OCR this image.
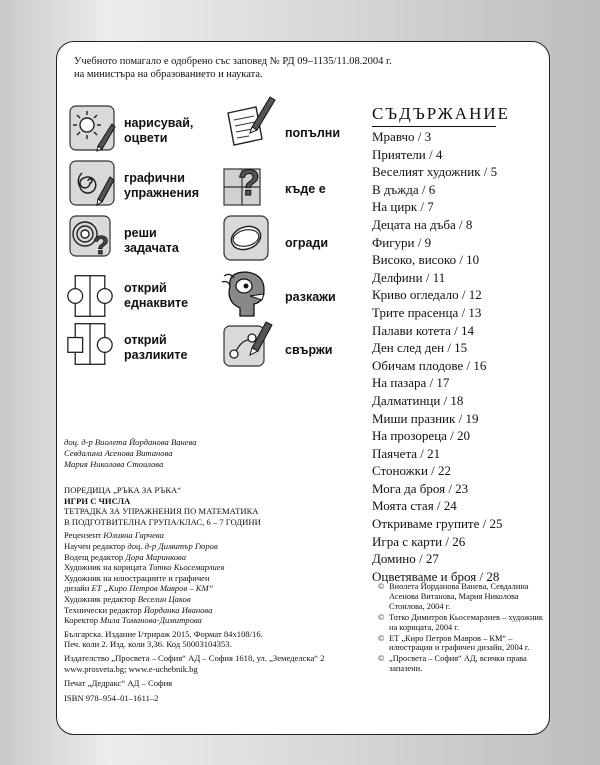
Учебното помагало е одобрено със заповед № РД 09–1135/11.08.2004 г.
на министъра на образованието и науката.
нарисувай,
оцвети
графични
упражнения
? реши
задачата
открий
еднаквите
открий
разликите
попълни
? къде е
огради
разкажи
свържи
СЪДЪРЖАНИЕ
Мравчо / 3
Приятели / 4
Веселият художник / 5
В дъжда / 6
На цирк / 7
Децата на дъба / 8
Фигури / 9
Високо, високо / 10
Делфини / 11
Криво огледало / 12
Трите прасенца / 13
Палави котета / 14
Ден след ден / 15
Обичам плодове / 16
На пазара / 17
Далматинци / 18
Миши празник / 19
На прозореца / 20
Паячета / 21
Стоножки / 22
Мога да броя / 23
Моята стая / 24
Откриваме групите / 25
Игра с карти / 26
Домино / 27
Оцветяваме и броя / 28
доц. д-р Виолета Йорданова Ванева
Севдалина Асенова Витанова
Мария Николова Стоилова
ПОРЕДИЦА „РЪКА ЗА РЪКА“
ИГРИ С ЧИСЛА
ТЕТРАДКА ЗА УПРАЖНЕНИЯ ПО МАТЕМАТИКА
В ПОДГОТВИТЕЛНА ГРУПА/КЛАС, 6 – 7 ГОДИНИ
Рецензент Юлияна Гарчева
Научен редактор доц. д-р Димитър Гюров
Водещ редактор Дора Маринкова
Художник на корицата Тотко Кьосемарлиев
Художник на илюстрациите и графичен
дизайн ЕТ „Киро Петров Мавров – КМ“
Художник редактор Веселин Цаков
Технически редактор Йорданка Иванова
Коректор Мила Томанова-Димитрова
Българска. Издание I/трираж 2015. Формат 84х108/16.
Печ. коли 2. Изд. коли 3,36. Код 50003104353.
Издателство „Просвета – София“ АД – София 1618, ул. „Земеделска“ 2
www.prosveta.bg; www.e-uchebnik.bg
Печат „Дедракс“ АД – София
ISBN 978–954–01–1611–2
© Виолета Йорданова Ванева, Севдалина Асенова Витанова, Мария Николова Стоилова, 2004 г.
© Тотко Димитров Кьосемарлиев – художник на корицата, 2004 г.
© ЕТ „Киро Петров Мавров – КМ“ – илюстрации и графичен дизайн, 2004 г.
© „Просвета – София“ АД, всички права запазени.
